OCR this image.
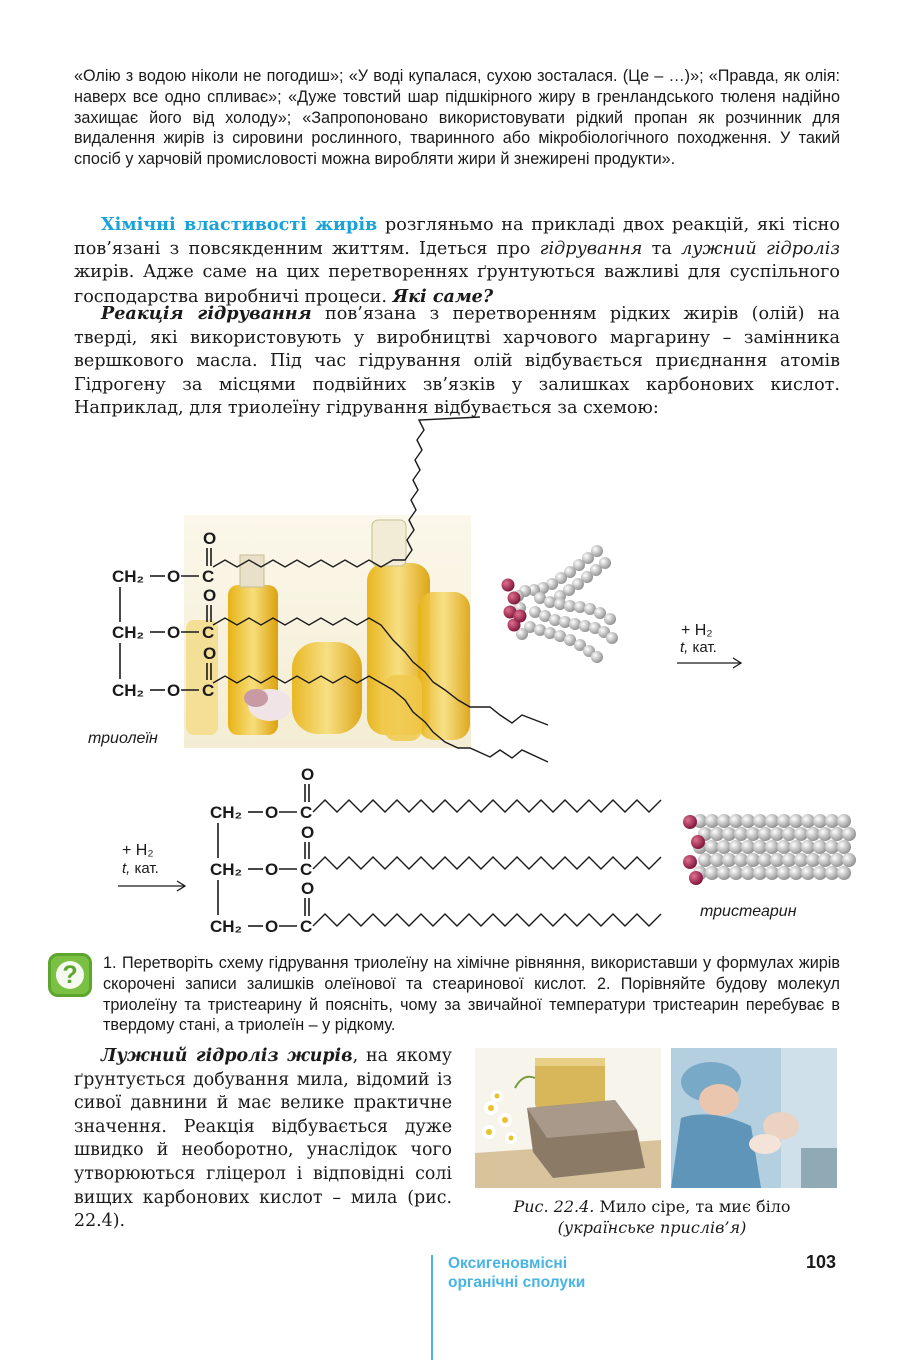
«Олію з водою ніколи не погодиш»; «У воді купалася, сухою зосталася. (Це – …)»; «Правда, як олія: наверх все одно спливає»; «Дуже товстий шар підшкірного жиру в гренландського тюленя надійно захищає його від холоду»; «Запропоновано використовувати рідкий пропан як розчинник для видалення жирів із сировини рослинного, тваринного або мікробіологічного походження. У такий спосіб у харчовій промисловості можна виробляти жири й знежирені продукти».
Хімічні властивості жирів розгляньмо на прикладі двох реакцій, які тісно пов’язані з повсякденним життям. Ідеться про гідрування та лужний гідроліз жирів. Адже саме на цих перетвореннях ґрунтуються важливі для суспільного господарства виробничі процеси. Які саме?
Реакція гідрування пов’язана з перетворенням рідких жирів (олій) на тверді, які використовують у виробництві харчового маргарину – замінника вершкового масла. Під час гідрування олій відбувається приєднання атомів Гідрогену за місцями подвійних зв’язків у залишках карбонових кислот. Наприклад, для триолеїну гідрування відбувається за схемою:
CH₂ O C
O
CH₂ O C
O
CH₂ O C
O
+ H₂
t, кат.
триолеїн
+ H₂
t, кат.
CH₂ O C
O
CH₂ O C
O
CH₂ O C
O
тристеарин
?	1. Перетворіть схему гідрування триолеїну на хімічне рівняння, використавши у формулах жирів скорочені записи залишків олеїнової та стеаринової кислот. 2. Порівняйте будову молекул триолеїну та тристеарину й поясніть, чому за звичайної температури тристеарин перебуває в твердому стані, а триолеїн – у рідкому.
Лужний гідроліз жирів, на якому ґрунтується добування мила, відомий із сивої давнини й має велике практичне значення. Реакція відбувається дуже швидко й необоротно, унаслідок чого утворюються гліцерол і відповідні солі вищих карбонових кислот – мила (рис. 22.4).
Рис. 22.4. Мило сіре, та миє біло
(українське прислів’я)
Оксигеновмісні
органічні сполуки
103
